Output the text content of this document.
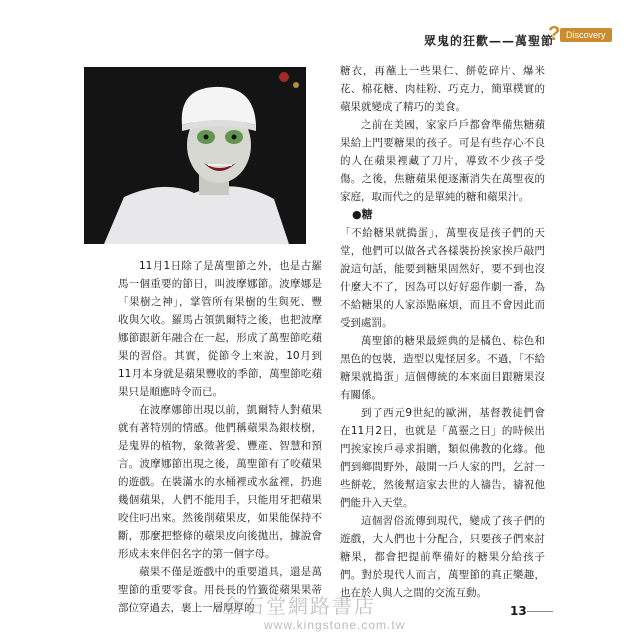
眾鬼的狂歡——萬聖節
? Discovery

11月1日除了是萬聖節之外，也是古羅馬一個重要的節日，叫波摩娜節。波摩娜是「果樹之神」，掌管所有果樹的生與死、豐收與欠收。羅馬占領凱爾特之後，也把波摩娜節跟新年融合在一起，形成了萬聖節吃蘋果的習俗。其實，從節令上來說，10月到11月本身就是蘋果豐收的季節，萬聖節吃蘋果只是順應時令而已。

在波摩娜節出現以前，凱爾特人對蘋果就有著特別的情感。他們稱蘋果為銀枝樹，是鬼界的植物，象徵著愛、豐產、智慧和預言。波摩娜節出現之後，萬聖節有了咬蘋果的遊戲。在裝滿水的水桶裡或水盆裡，扔進幾個蘋果，人們不能用手，只能用牙把蘋果咬住叼出來。然後削蘋果皮，如果能保持不斷，那麼把整條的蘋果皮向後拋出，據說會形成未來伴侶名字的第一個字母。

蘋果不僅是遊戲中的重要道具，還是萬聖節的重要零食。用長長的竹籤從蘋果果蒂部位穿過去，裹上一層厚厚的

糖衣，再蘸上一些果仁、餅乾碎片、爆米花、棉花糖、肉桂粉、巧克力，簡單樸實的蘋果就變成了精巧的美食。

之前在美國，家家戶戶都會準備焦糖蘋果給上門要糖果的孩子。可是有些存心不良的人在蘋果裡藏了刀片，導致不少孩子受傷。之後，焦糖蘋果便逐漸消失在萬聖夜的家庭，取而代之的是單純的糖和蘋果汁。

●糖

「不給糖果就搗蛋」，萬聖夜是孩子們的天堂，他們可以做各式各樣裝扮挨家挨戶敲門說這句話，能要到糖果固然好，要不到也沒什麼大不了，因為可以好好惡作劇一番，為不給糖果的人家添點麻煩，而且不會因此而受到處罰。

萬聖節的糖果最經典的是橘色、棕色和黑色的包裝，造型以鬼怪居多。不過，「不給糖果就搗蛋」這個傳統的本來面目跟糖果沒有關係。

到了西元9世紀的歐洲，基督教徒們會在11月2日，也就是「萬靈之日」的時候出門挨家挨戶尋求捐贈，類似佛教的化緣。他們到鄉間野外，敲開一戶人家的門，乞討一些餅乾，然後幫這家去世的人禱告，禱祝他們能升入天堂。

這個習俗流傳到現代，變成了孩子們的遊戲，大人們也十分配合，只要孩子們來討糖果，都會把提前準備好的糖果分給孩子們。對於現代人而言，萬聖節的真正樂趣，也在於人與人之間的交流互動。

金石堂網路書店
www.kingstone.com.tw
13
